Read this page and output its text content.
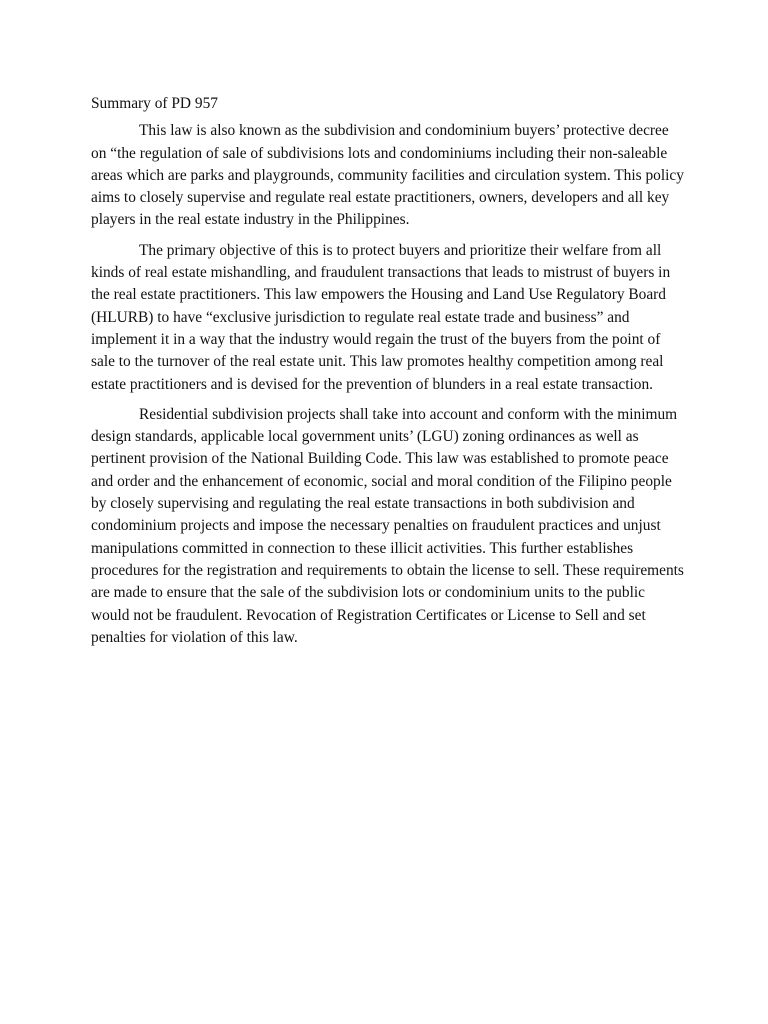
Summary of PD 957

This law is also known as the subdivision and condominium buyers’ protective decree on “the regulation of sale of subdivisions lots and condominiums including their non-saleable areas which are parks and playgrounds, community facilities and circulation system. This policy aims to closely supervise and regulate real estate practitioners, owners, developers and all key players in the real estate industry in the Philippines.

The primary objective of this is to protect buyers and prioritize their welfare from all kinds of real estate mishandling, and fraudulent transactions that leads to mistrust of buyers in the real estate practitioners. This law empowers the Housing and Land Use Regulatory Board (HLURB) to have “exclusive jurisdiction to regulate real estate trade and business” and implement it in a way that the industry would regain the trust of the buyers from the point of sale to the turnover of the real estate unit. This law promotes healthy competition among real estate practitioners and is devised for the prevention of blunders in a real estate transaction.

Residential subdivision projects shall take into account and conform with the minimum design standards, applicable local government units’ (LGU) zoning ordinances as well as pertinent provision of the National Building Code. This law was established to promote peace and order and the enhancement of economic, social and moral condition of the Filipino people by closely supervising and regulating the real estate transactions in both subdivision and condominium projects and impose the necessary penalties on fraudulent practices and unjust manipulations committed in connection to these illicit activities. This further establishes procedures for the registration and requirements to obtain the license to sell. These requirements are made to ensure that the sale of the subdivision lots or condominium units to the public would not be fraudulent. Revocation of Registration Certificates or License to Sell and set penalties for violation of this law.
